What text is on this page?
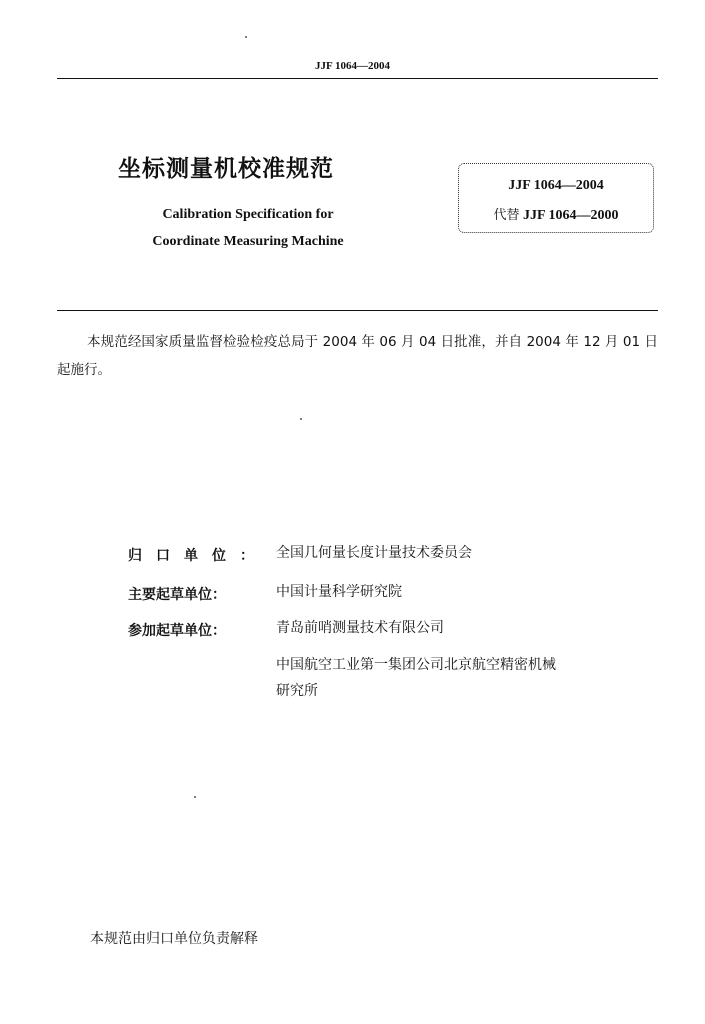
JJF 1064—2004
坐标测量机校准规范
Calibration Specification for
Coordinate Measuring Machine
JJF 1064—2004
代替 JJF 1064—2000
本规范经国家质量监督检验检疫总局于 2004 年 06 月 04 日批准，并自 2004 年 12 月 01 日起施行。
归 口 单 位 ： 全国几何量长度计量技术委员会
主要起草单位：	中国计量科学研究院
参加起草单位：	青岛前哨测量技术有限公司
中国航空工业第一集团公司北京航空精密机械
研究所
本规范由归口单位负责解释
